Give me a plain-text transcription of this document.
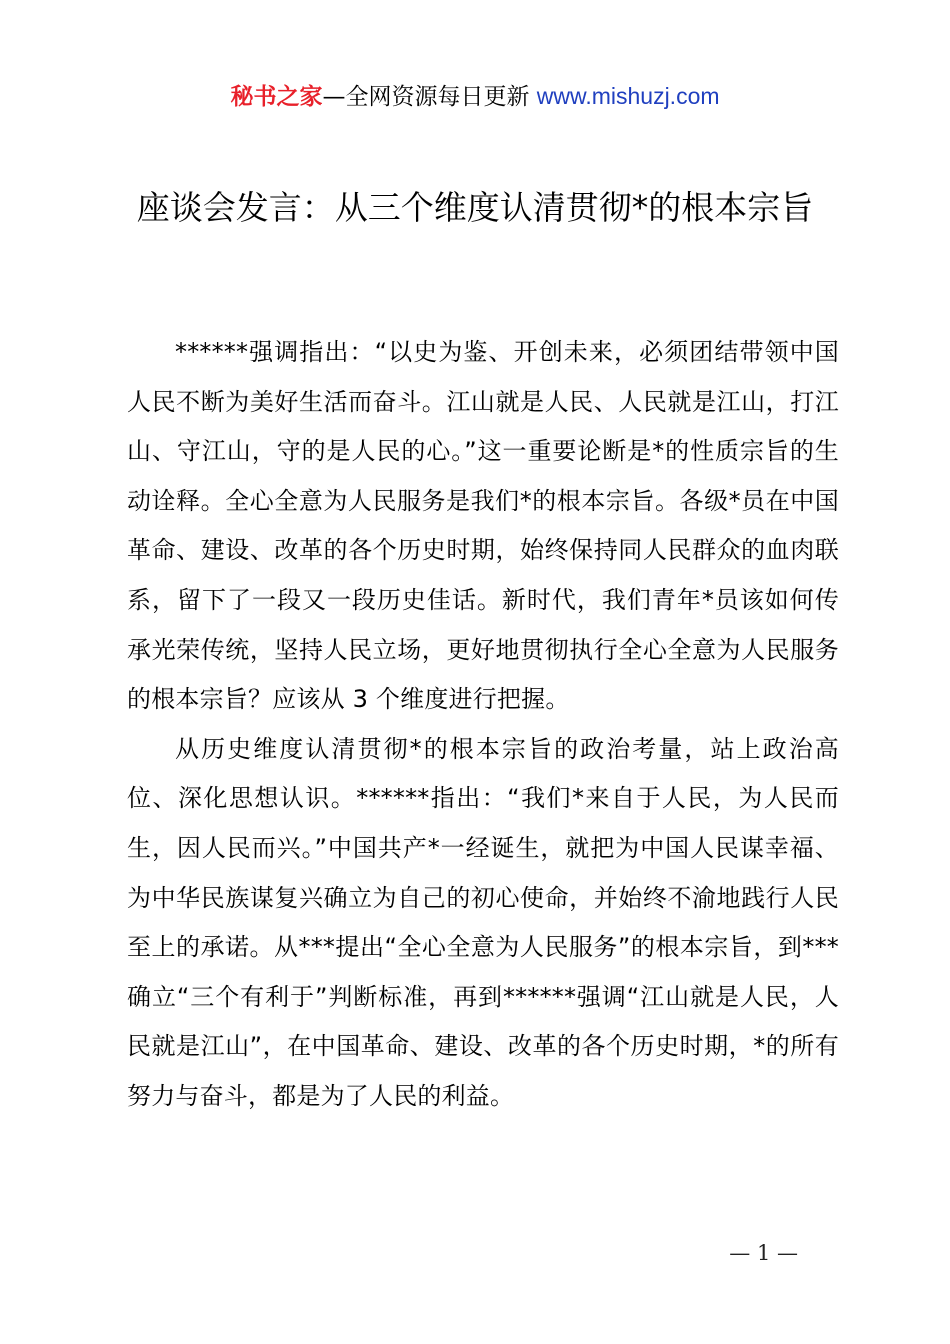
秘书之家—全网资源每日更新 www.mishuzj.com
座谈会发言：从三个维度认清贯彻*的根本宗旨

******强调指出：“以史为鉴、开创未来，必须团结带领中国人民不断为美好生活而奋斗。江山就是人民、人民就是江山，打江山、守江山，守的是人民的心。”这一重要论断是*的性质宗旨的生动诠释。全心全意为人民服务是我们*的根本宗旨。各级*员在中国革命、建设、改革的各个历史时期，始终保持同人民群众的血肉联系，留下了一段又一段历史佳话。新时代，我们青年*员该如何传承光荣传统，坚持人民立场，更好地贯彻执行全心全意为人民服务的根本宗旨？应该从 3 个维度进行把握。

从历史维度认清贯彻*的根本宗旨的政治考量，站上政治高位、深化思想认识。******指出：“我们*来自于人民，为人民而生，因人民而兴。”中国共产*一经诞生，就把为中国人民谋幸福、为中华民族谋复兴确立为自己的初心使命，并始终不渝地践行人民至上的承诺。从***提出“全心全意为人民服务”的根本宗旨，到***确立“三个有利于”判断标准，再到******强调“江山就是人民，人民就是江山”，在中国革命、建设、改革的各个历史时期，*的所有努力与奋斗，都是为了人民的利益。

— 1 —
